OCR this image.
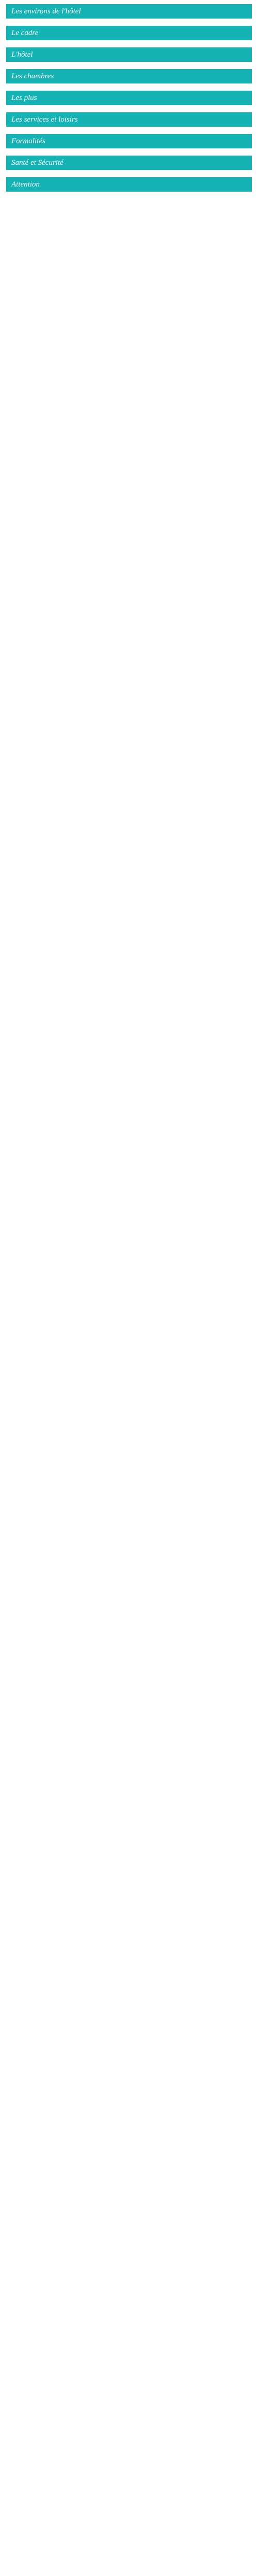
Les environs de l'hôtel

Le cadre

L'hôtel

Les chambres

Les plus

Les services et loisirs

Formalités

Santé et Sécurité

Attention
